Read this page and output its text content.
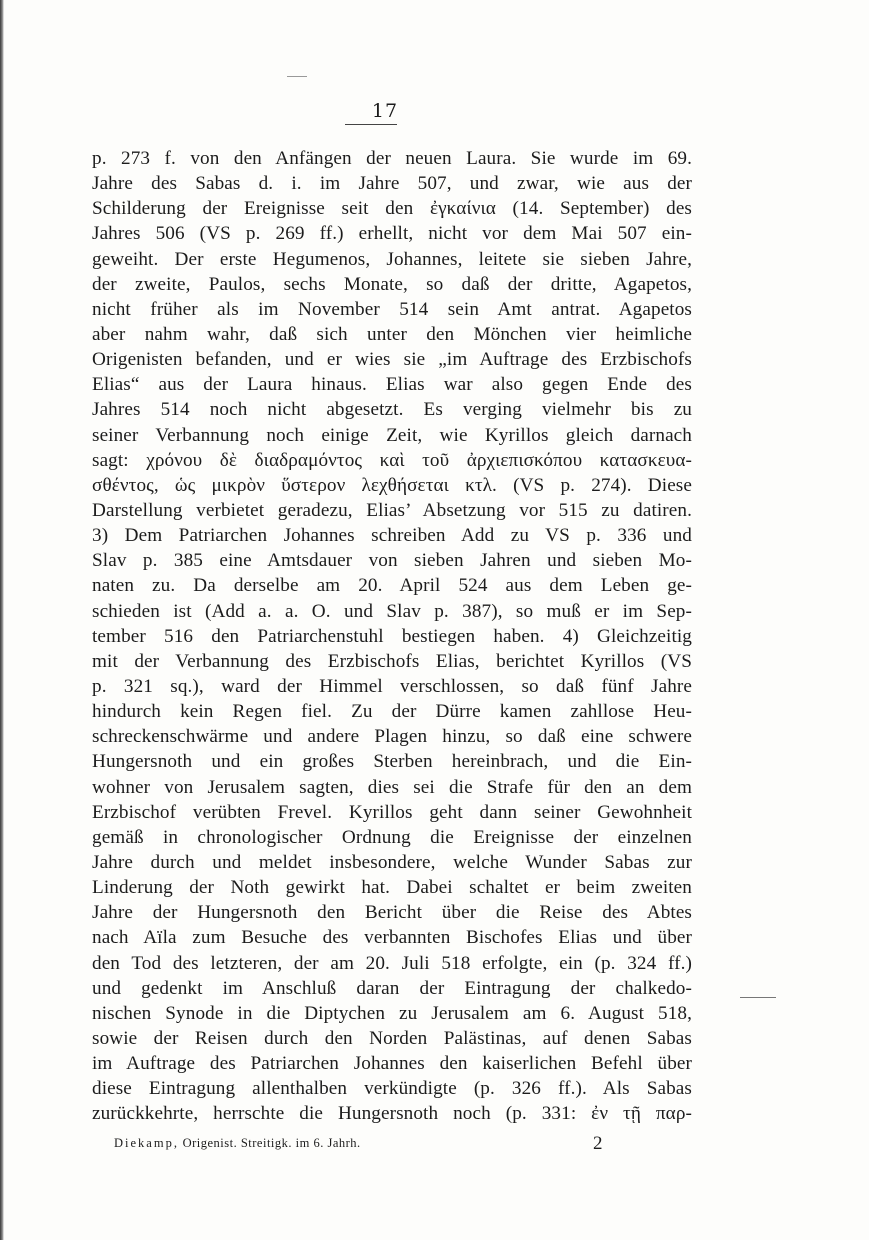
17
p. 273 f. von den Anfängen der neuen Laura. Sie wurde im 69.
Jahre des Sabas d. i. im Jahre 507, und zwar, wie aus der
Schilderung der Ereignisse seit den ἐγκαίνια (14. September) des
Jahres 506 (VS p. 269 ff.) erhellt, nicht vor dem Mai 507 ein-
geweiht. Der erste Hegumenos, Johannes, leitete sie sieben Jahre,
der zweite, Paulos, sechs Monate, so daß der dritte, Agapetos,
nicht früher als im November 514 sein Amt antrat. Agapetos
aber nahm wahr, daß sich unter den Mönchen vier heimliche
Origenisten befanden, und er wies sie „im Auftrage des Erzbischofs
Elias“ aus der Laura hinaus. Elias war also gegen Ende des
Jahres 514 noch nicht abgesetzt. Es verging vielmehr bis zu
seiner Verbannung noch einige Zeit, wie Kyrillos gleich darnach
sagt: χρόνου δὲ διαδραμόντος καὶ τοῦ ἀρχιεπισκόπου κατασκευα-
σθέντος, ὡς μικρὸν ὕστερον λεχθήσεται κτλ. (VS p. 274). Diese
Darstellung verbietet geradezu, Elias’ Absetzung vor 515 zu datiren.
3) Dem Patriarchen Johannes schreiben Add zu VS p. 336 und
Slav p. 385 eine Amtsdauer von sieben Jahren und sieben Mo-
naten zu. Da derselbe am 20. April 524 aus dem Leben ge-
schieden ist (Add a. a. O. und Slav p. 387), so muß er im Sep-
tember 516 den Patriarchenstuhl bestiegen haben. 4) Gleichzeitig
mit der Verbannung des Erzbischofs Elias, berichtet Kyrillos (VS
p. 321 sq.), ward der Himmel verschlossen, so daß fünf Jahre
hindurch kein Regen fiel. Zu der Dürre kamen zahllose Heu-
schreckenschwärme und andere Plagen hinzu, so daß eine schwere
Hungersnoth und ein großes Sterben hereinbrach, und die Ein-
wohner von Jerusalem sagten, dies sei die Strafe für den an dem
Erzbischof verübten Frevel. Kyrillos geht dann seiner Gewohnheit
gemäß in chronologischer Ordnung die Ereignisse der einzelnen
Jahre durch und meldet insbesondere, welche Wunder Sabas zur
Linderung der Noth gewirkt hat. Dabei schaltet er beim zweiten
Jahre der Hungersnoth den Bericht über die Reise des Abtes
nach Aïla zum Besuche des verbannten Bischofes Elias und über
den Tod des letzteren, der am 20. Juli 518 erfolgte, ein (p. 324 ff.)
und gedenkt im Anschluß daran der Eintragung der chalkedo-
nischen Synode in die Diptychen zu Jerusalem am 6. August 518,
sowie der Reisen durch den Norden Palästinas, auf denen Sabas
im Auftrage des Patriarchen Johannes den kaiserlichen Befehl über
diese Eintragung allenthalben verkündigte (p. 326 ff.). Als Sabas
zurückkehrte, herrschte die Hungersnoth noch (p. 331: ἐν τῇ παρ-
Diekamp, Origenist. Streitigk. im 6. Jahrh.	2
